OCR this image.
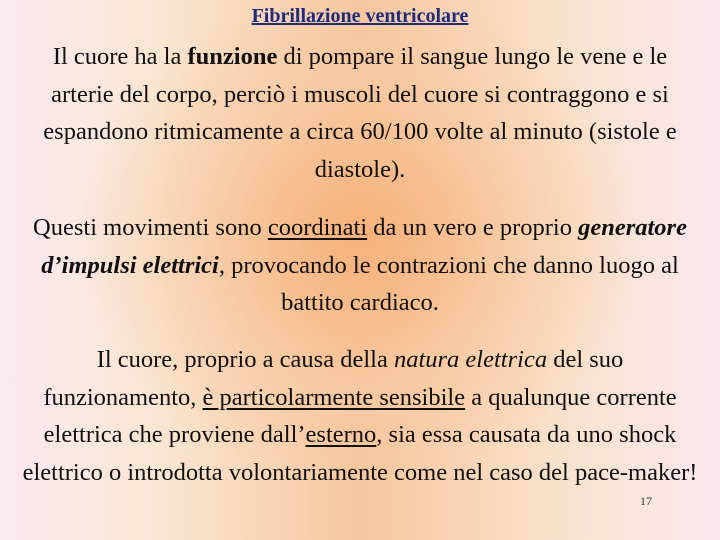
Fibrillazione ventricolare
Il cuore ha la funzione di pompare il sangue lungo le vene e le arterie del corpo, perciò i muscoli del cuore si contraggono e si espandono ritmicamente a circa 60/100 volte al minuto (sistole e diastole).
Questi movimenti sono coordinati da un vero e proprio generatore d’impulsi elettrici, provocando le contrazioni che danno luogo al battito cardiaco.
Il cuore, proprio a causa della natura elettrica del suo funzionamento, è particolarmente sensibile a qualunque corrente elettrica che proviene dall’esterno, sia essa causata da uno shock elettrico o introdotta volontariamente come nel caso del pace-maker!
17
